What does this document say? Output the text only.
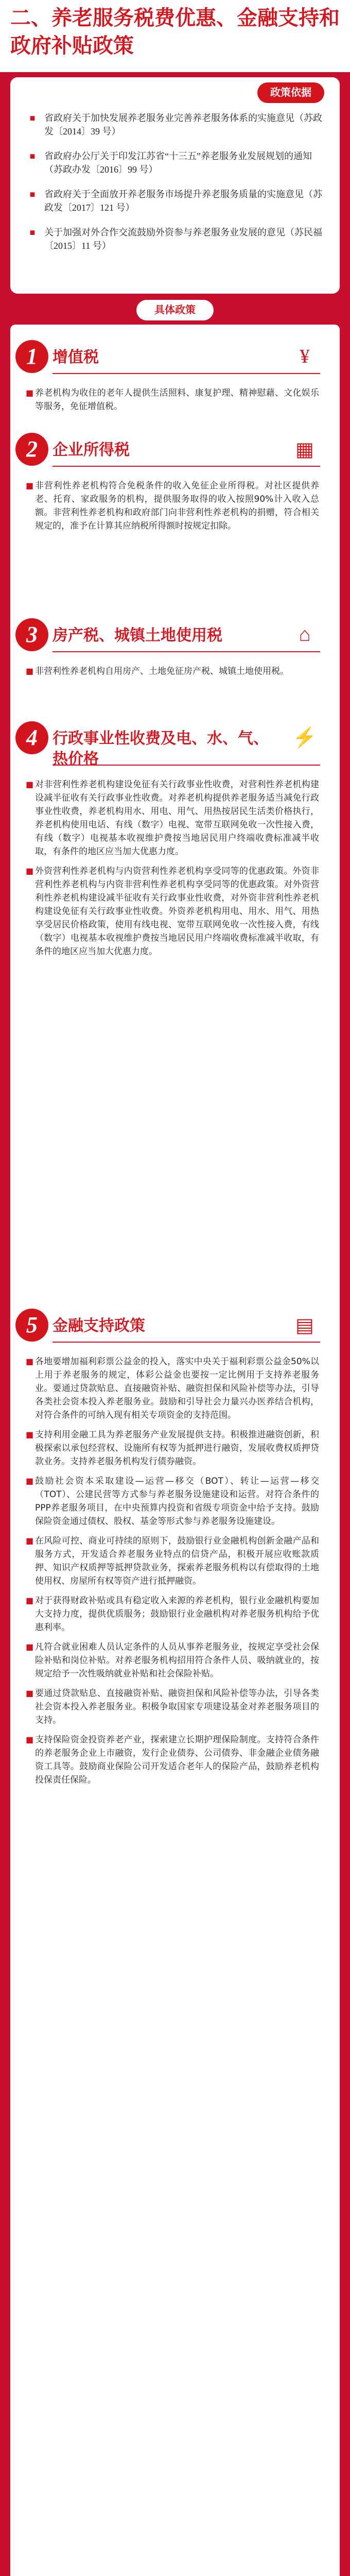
二、养老服务税费优惠、金融支持和政府补贴政策
政策依据
■ 省政府关于加快发展养老服务业完善养老服务体系的实施意见（苏政发〔2014〕39 号）
■ 省政府办公厅关于印发江苏省“十三五”养老服务业发展规划的通知（苏政办发〔2016〕99 号）
■ 省政府关于全面放开养老服务市场提升养老服务质量的实施意见（苏政发〔2017〕121 号）
■ 关于加强对外合作交流鼓励外资参与养老服务业发展的意见（苏民福〔2015〕11 号）
具体政策
1 增值税	¥
■ 养老机构为收住的老年人提供生活照料、康复护理、精神慰藉、文化娱乐等服务，免征增值税。
2 企业所得税	▦
■ 非营利性养老机构符合免税条件的收入免征企业所得税。对社区提供养老、托育、家政服务的机构，提供服务取得的收入按照90%计入收入总额。非营利性养老机构和政府部门向非营利性养老机构的捐赠，符合相关规定的，准予在计算其应纳税所得额时按规定扣除。
3 房产税、城镇土地使用税	⌂
■ 非营利性养老机构自用房产、土地免征房产税、城镇土地使用税。
4 行政事业性收费及电、水、气、热价格
⚡
■ 对非营利性养老机构建设免征有关行政事业性收费，对营利性养老机构建设减半征收有关行政事业性收费。对养老机构提供养老服务适当减免行政事业性收费，养老机构用水、用电、用气、用热按居民生活类价格执行，养老机构使用电话、有线（数字）电视、宽带互联网免收一次性接入费，有线（数字）电视基本收视维护费按当地居民用户终端收费标准减半收取，有条件的地区应当加大优惠力度。
■ 外资营利性养老机构与内资营利性养老机构享受同等的优惠政策。外资非营利性养老机构与内资非营利性养老机构享受同等的优惠政策。对外资营利性养老机构建设减半征收有关行政事业性收费，对外资非营利性养老机构建设免征有关行政事业性收费。外资养老机构用电、用水、用气、用热享受居民价格政策，使用有线电视、宽带互联网免收一次性接入费，有线（数字）电视基本收视维护费按当地居民用户终端收费标准减半收取，有条件的地区应当加大优惠力度。
5 金融支持政策	▤
■ 各地要增加福利彩票公益金的投入，落实中央关于福利彩票公益金50%以上用于养老服务的规定，体彩公益金也要按一定比例用于支持养老服务业。要通过贷款贴息、直接融资补贴、融资担保和风险补偿等办法，引导各类社会资本投入养老服务业。鼓励和引导社会力量兴办医养结合机构，对符合条件的可纳入现有相关专项资金的支持范围。
■ 支持利用金融工具为养老服务产业发展提供支持。积极推进融资创新，积极探索以承包经营权、设施所有权等为抵押进行融资，发展收费权质押贷款业务。支持养老服务机构发行债券融资。
■ 鼓励社会资本采取建设—运营—移交（BOT）、转让—运营—移交（TOT）、公建民营等方式参与养老服务设施建设和运营。对符合条件的PPP养老服务项目，在中央预算内投资和省级专项资金中给予支持。鼓励保险资金通过债权、股权、基金等形式参与养老服务设施建设。
■ 在风险可控、商业可持续的原则下，鼓励银行业金融机构创新金融产品和服务方式，开发适合养老服务业特点的信贷产品，积极开展应收账款质押、知识产权质押等抵押贷款业务，探索养老服务机构以有偿取得的土地使用权、房屋所有权等资产进行抵押融资。
■ 对于获得财政补贴或具有稳定收入来源的养老机构，银行业金融机构要加大支持力度，提供优质服务；鼓励银行业金融机构对养老服务机构给予优惠利率。
■ 凡符合就业困难人员认定条件的人员从事养老服务业，按规定享受社会保险补贴和岗位补贴。对养老服务机构招用符合条件人员、吸纳就业的，按规定给予一次性吸纳就业补贴和社会保险补贴。
■ 要通过贷款贴息、直接融资补贴、融资担保和风险补偿等办法，引导各类社会资本投入养老服务业。积极争取国家专项建设基金对养老服务项目的支持。
■ 支持保险资金投资养老产业，探索建立长期护理保险制度。支持符合条件的养老服务企业上市融资，发行企业债券、公司债券、非金融企业债务融资工具等。鼓励商业保险公司开发适合老年人的保险产品，鼓励养老机构投保责任保险。
